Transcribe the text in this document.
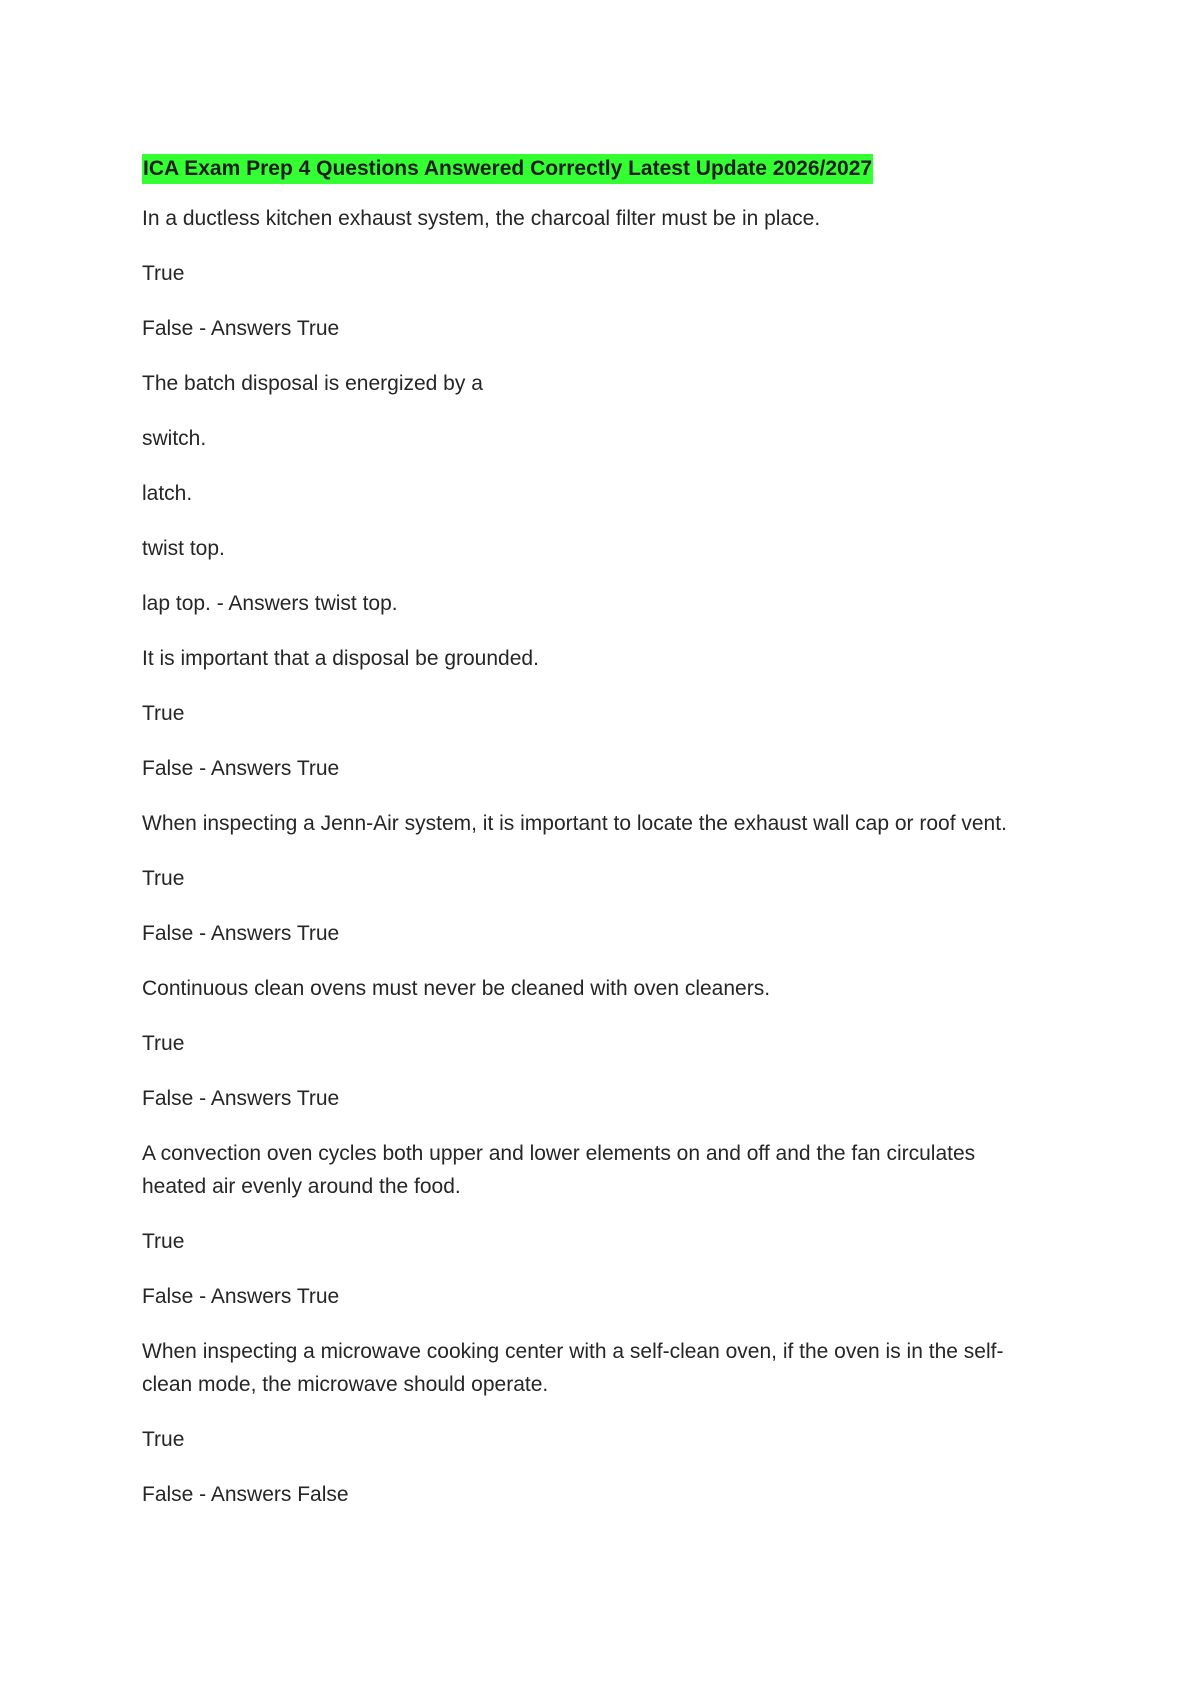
ICA Exam Prep 4 Questions Answered Correctly Latest Update 2026/2027
In a ductless kitchen exhaust system, the charcoal filter must be in place.
True
False - Answers True
The batch disposal is energized by a
switch.
latch.
twist top.
lap top. - Answers twist top.
It is important that a disposal be grounded.
True
False - Answers True
When inspecting a Jenn-Air system, it is important to locate the exhaust wall cap or roof vent.
True
False - Answers True
Continuous clean ovens must never be cleaned with oven cleaners.
True
False - Answers True
A convection oven cycles both upper and lower elements on and off and the fan circulates heated air evenly around the food.
True
False - Answers True
When inspecting a microwave cooking center with a self-clean oven, if the oven is in the self-clean mode, the microwave should operate.
True
False - Answers False
